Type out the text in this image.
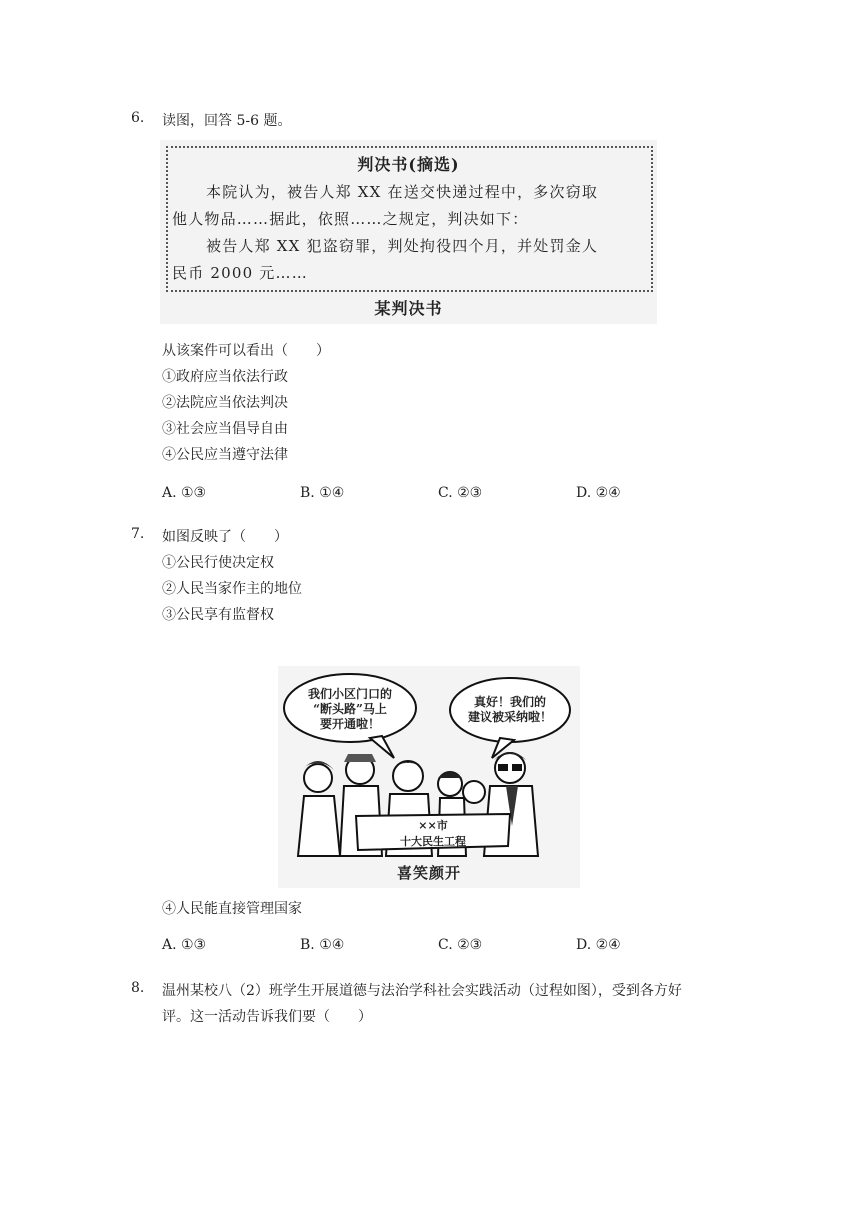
6. 读图，回答 5-6 题。
判决书(摘选)
本院认为，被告人郑 XX 在送交快递过程中，多次窃取
他人物品……据此，依照……之规定，判决如下：
被告人郑 XX 犯盗窃罪，判处拘役四个月，并处罚金人
民币 2000 元……
某判决书
从该案件可以看出（　　）
①政府应当依法行政
②法院应当依法判决
③社会应当倡导自由
④公民应当遵守法律
A. ①③	B. ①④	C. ②③	D. ②④
7. 如图反映了（　　）
①公民行使决定权
②人民当家作主的地位
③公民享有监督权
我们小区门口的
“断头路”马上
要开通啦！
真好！我们的
建议被采纳啦！
××市
十大民生工程
喜笑颜开
④人民能直接管理国家
A. ①③	B. ①④	C. ②③	D. ②④
8. 温州某校八（2）班学生开展道德与法治学科社会实践活动（过程如图），受到各方好
评。这一活动告诉我们要（　　）
